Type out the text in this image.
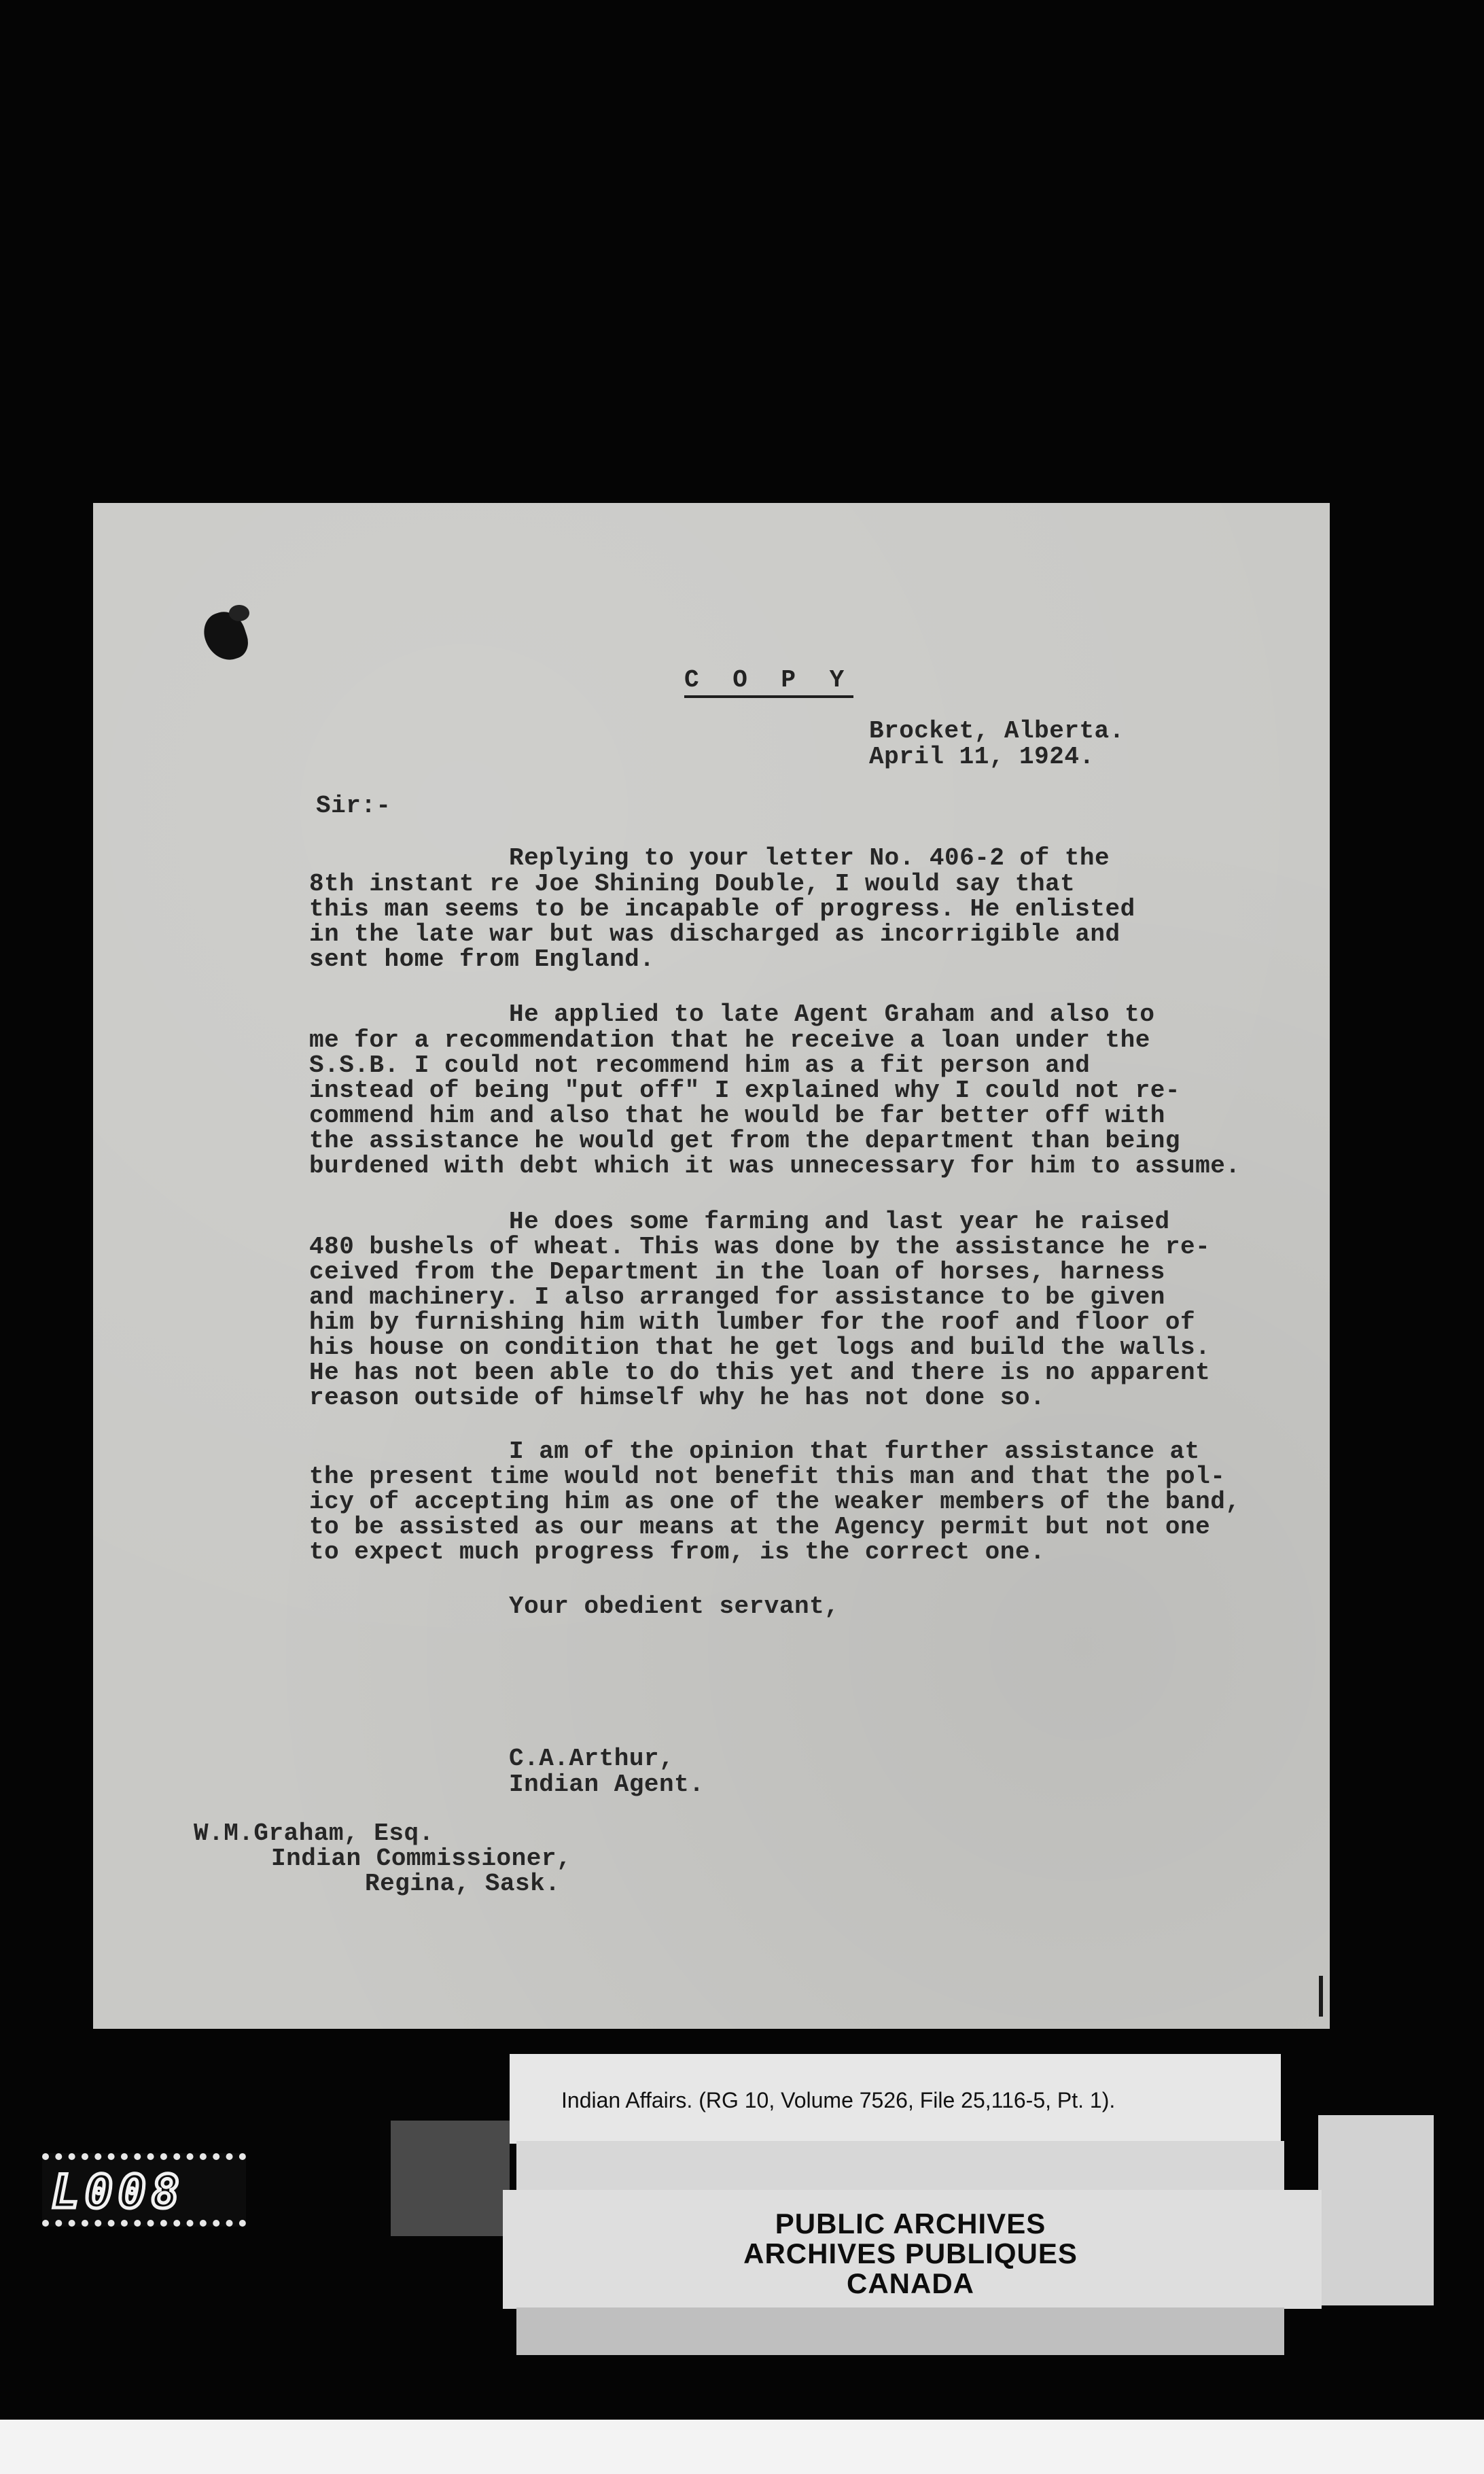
C O P Y
Brocket, Alberta.
April 11, 1924.
Sir:-
Replying to your letter No. 406-2 of the
8th instant re Joe Shining Double, I would say that
this man seems to be incapable of progress. He enlisted
in the late war but was discharged as incorrigible and
sent home from England.
He applied to late Agent Graham and also to
me for a recommendation that he receive a loan under the
S.S.B. I could not recommend him as a fit person and
instead of being "put off" I explained why I could not re-
commend him and also that he would be far better off with
the assistance he would get from the department than being
burdened with debt which it was unnecessary for him to assume.
He does some farming and last year he raised
480 bushels of wheat. This was done by the assistance he re-
ceived from the Department in the loan of horses, harness
and machinery. I also arranged for assistance to be given
him by furnishing him with lumber for the roof and floor of
his house on condition that he get logs and build the walls.
He has not been able to do this yet and there is no apparent
reason outside of himself why he has not done so.
I am of the opinion that further assistance at
the present time would not benefit this man and that the pol-
icy of accepting him as one of the weaker members of the band,
to be assisted as our means at the Agency permit but not one
to expect much progress from, is the correct one.
Your obedient servant,
C.A.Arthur,
Indian Agent.
W.M.Graham, Esq.
Indian Commissioner,
Regina, Sask.
Indian Affairs. (RG 10, Volume 7526, File 25,116-5, Pt. 1).
PUBLIC ARCHIVES
ARCHIVES PUBLIQUES
CANADA
L008
